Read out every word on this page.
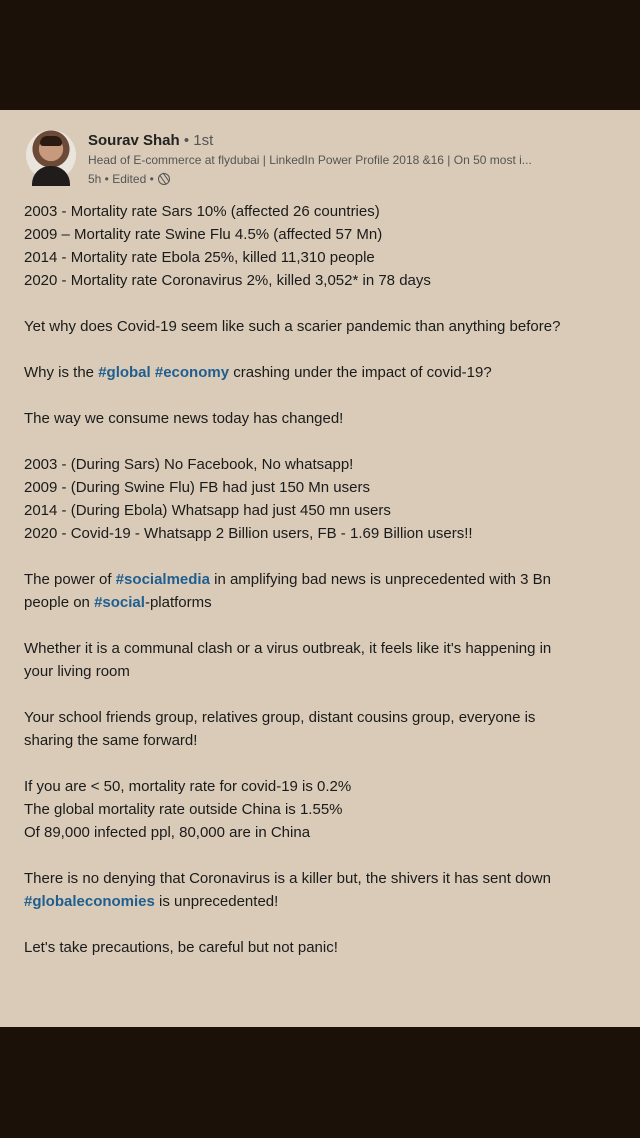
Sourav Shah • 1st
Head of E-commerce at flydubai | LinkedIn Power Profile 2018 &16 | On 50 most i...
5h • Edited •
2003 - Mortality rate Sars 10% (affected 26 countries)
2009 – Mortality rate Swine Flu 4.5% (affected 57 Mn)
2014 - Mortality rate Ebola 25%, killed 11,310 people
2020 - Mortality rate Coronavirus 2%, killed 3,052* in 78 days
Yet why does Covid-19 seem like such a scarier pandemic than anything before?
Why is the #global #economy crashing under the impact of covid-19?
The way we consume news today has changed!
2003 - (During Sars) No Facebook, No whatsapp!
2009 - (During Swine Flu) FB had just 150 Mn users
2014 - (During Ebola) Whatsapp had just 450 mn users
2020 - Covid-19 - Whatsapp 2 Billion users, FB - 1.69 Billion users!!
The power of #socialmedia in amplifying bad news is unprecedented with 3 Bn
people on #social-platforms
Whether it is a communal clash or a virus outbreak, it feels like it's happening in
your living room
Your school friends group, relatives group, distant cousins group, everyone is
sharing the same forward!
If you are < 50, mortality rate for covid-19 is 0.2%
The global mortality rate outside China is 1.55%
Of 89,000 infected ppl, 80,000 are in China
There is no denying that Coronavirus is a killer but, the shivers it has sent down
#globaleconomies is unprecedented!
Let's take precautions, be careful but not panic!
